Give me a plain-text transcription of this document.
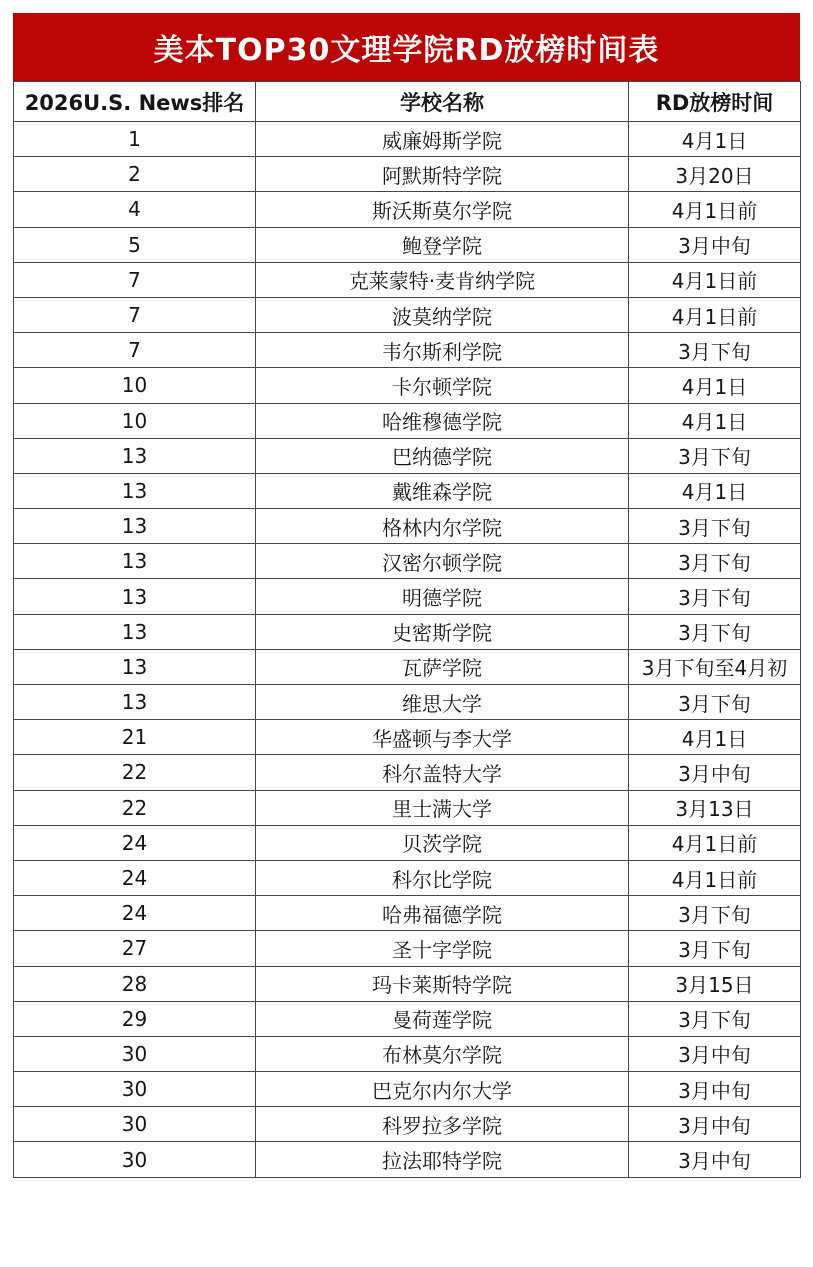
美本TOP30文理学院RD放榜时间表
2026U.S. News排名	学校名称	RD放榜时间
1	威廉姆斯学院	4月1日
2	阿默斯特学院	3月20日
4	斯沃斯莫尔学院	4月1日前
5	鲍登学院	3月中旬
7	克莱蒙特·麦肯纳学院	4月1日前
7	波莫纳学院	4月1日前
7	韦尔斯利学院	3月下旬
10	卡尔顿学院	4月1日
10	哈维穆德学院	4月1日
13	巴纳德学院	3月下旬
13	戴维森学院	4月1日
13	格林内尔学院	3月下旬
13	汉密尔顿学院	3月下旬
13	明德学院	3月下旬
13	史密斯学院	3月下旬
13	瓦萨学院	3月下旬至4月初
13	维思大学	3月下旬
21	华盛顿与李大学	4月1日
22	科尔盖特大学	3月中旬
22	里士满大学	3月13日
24	贝茨学院	4月1日前
24	科尔比学院	4月1日前
24	哈弗福德学院	3月下旬
27	圣十字学院	3月下旬
28	玛卡莱斯特学院	3月15日
29	曼荷莲学院	3月下旬
30	布林莫尔学院	3月中旬
30	巴克尔内尔大学	3月中旬
30	科罗拉多学院	3月中旬
30	拉法耶特学院	3月中旬
